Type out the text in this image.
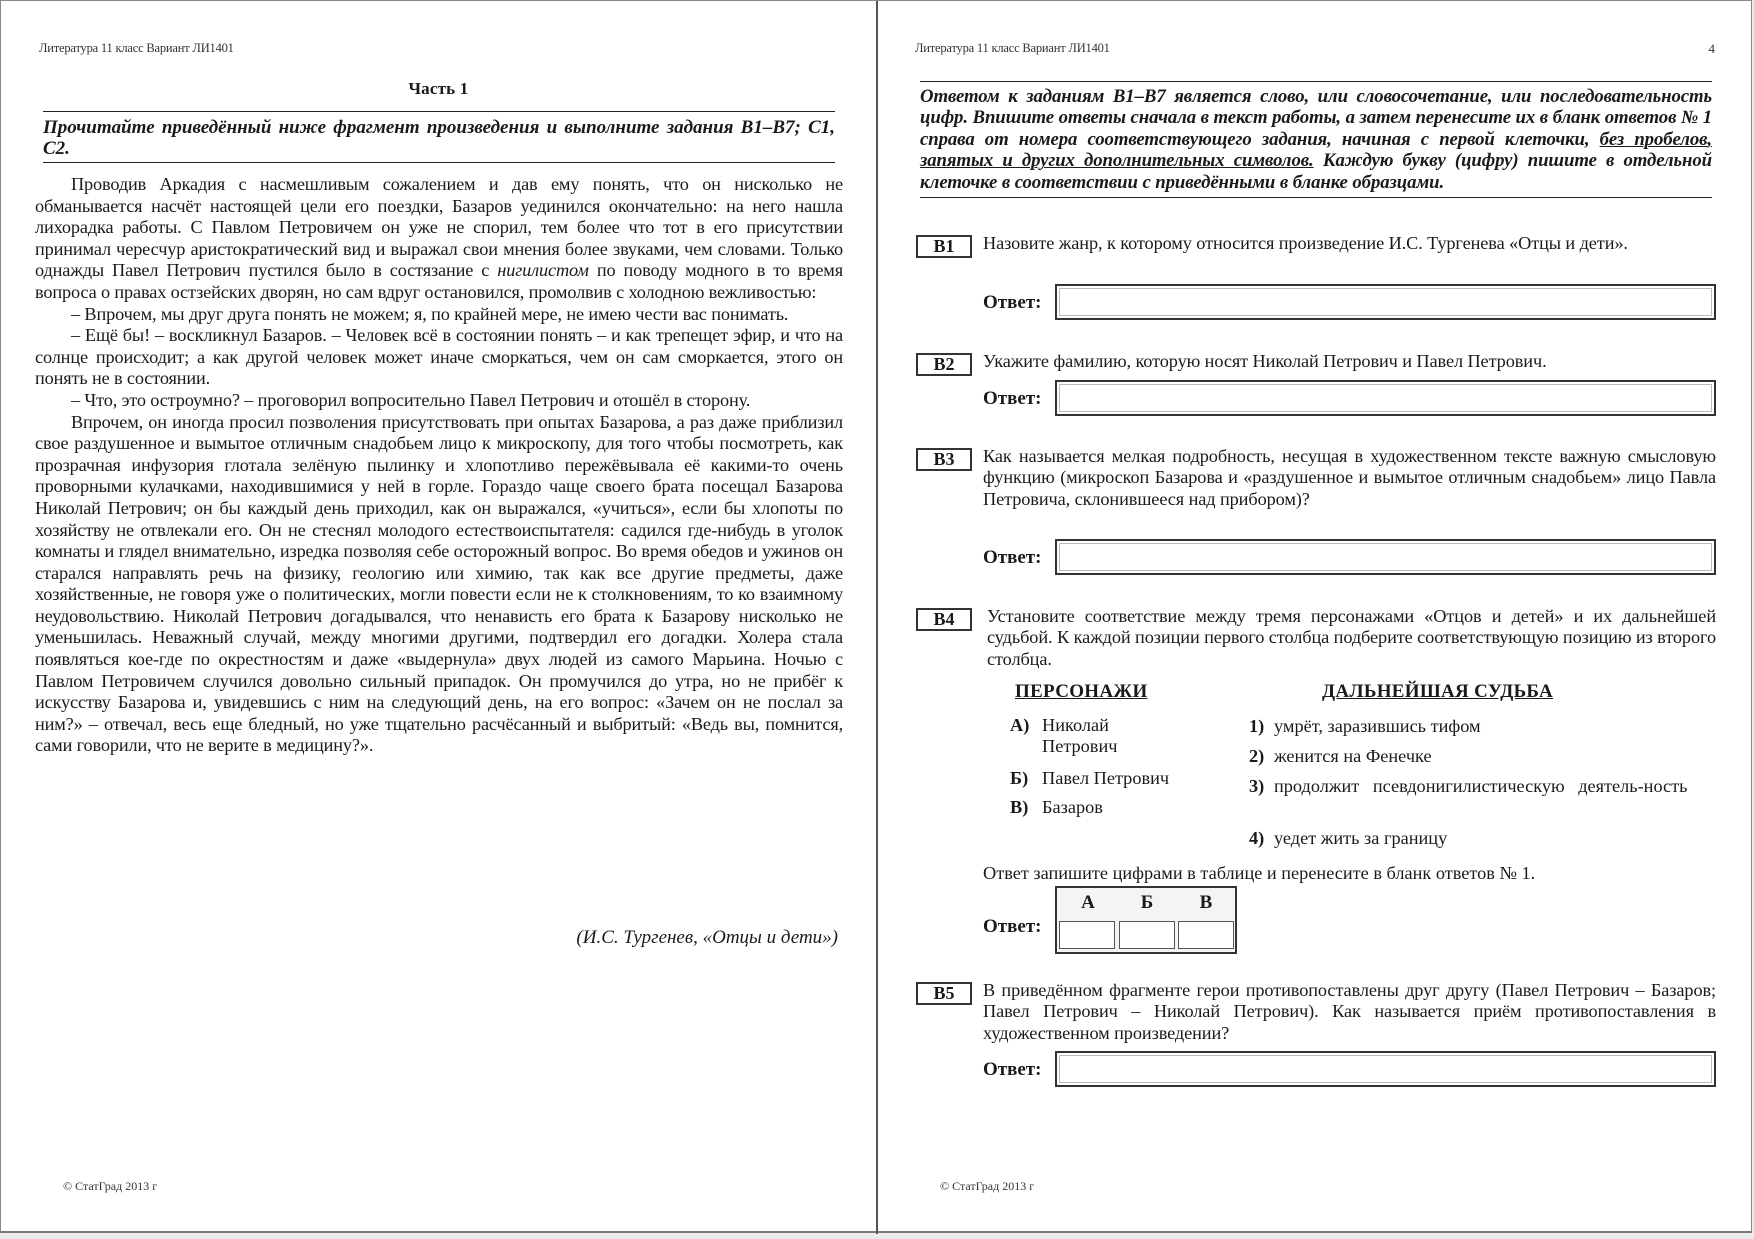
Литература 11 класс Вариант ЛИ1401
Часть 1
Прочитайте приведённый ниже фрагмент произведения и выполните задания B1–B7; C1, C2.

Проводив Аркадия с насмешливым сожалением и дав ему понять, что он нисколько не обманывается насчёт настоящей цели его поездки, Базаров уединился окончательно: на него нашла лихорадка работы. С Павлом Петровичем он уже не спорил, тем более что тот в его присутствии принимал чересчур аристократический вид и выражал свои мнения более звуками, чем словами. Только однажды Павел Петрович пустился было в состязание с нигилистом по поводу модного в то время вопроса о правах остзейских дворян, но сам вдруг остановился, промолвив с холодною вежливостью:

– Впрочем, мы друг друга понять не можем; я, по крайней мере, не имею чести вас понимать.

– Ещё бы! – воскликнул Базаров. – Человек всё в состоянии понять – и как трепещет эфир, и что на солнце происходит; а как другой человек может иначе сморкаться, чем он сам сморкается, этого он понять не в состоянии.

– Что, это остроумно? – проговорил вопросительно Павел Петрович и отошёл в сторону.

Впрочем, он иногда просил позволения присутствовать при опытах Базарова, а раз даже приблизил свое раздушенное и вымытое отличным снадобьем лицо к микроскопу, для того чтобы посмотреть, как прозрачная инфузория глотала зелёную пылинку и хлопотливо пережёвывала её какими-то очень проворными кулачками, находившимися у ней в горле. Гораздо чаще своего брата посещал Базарова Николай Петрович; он бы каждый день приходил, как он выражался, «учиться», если бы хлопоты по хозяйству не отвлекали его. Он не стеснял молодого естествоиспытателя: садился где-нибудь в уголок комнаты и глядел внимательно, изредка позволяя себе осторожный вопрос. Во время обедов и ужинов он старался направлять речь на физику, геологию или химию, так как все другие предметы, даже хозяйственные, не говоря уже о политических, могли повести если не к столкновениям, то ко взаимному неудовольствию. Николай Петрович догадывался, что ненависть его брата к Базарову нисколько не уменьшилась. Неважный случай, между многими другими, подтвердил его догадки. Холера стала появляться кое-где по окрестностям и даже «выдернула» двух людей из самого Марьина. Ночью с Павлом Петровичем случился довольно сильный припадок. Он промучился до утра, но не прибёг к искусству Базарова и, увидевшись с ним на следующий день, на его вопрос: «Зачем он не послал за ним?» – отвечал, весь еще бледный, но уже тщательно расчёсанный и выбритый: «Ведь вы, помнится, сами говорили, что не верите в медицину?».

(И.С. Тургенев, «Отцы и дети»)
© СтатГрад 2013 г
Литература 11 класс Вариант ЛИ1401	4
Ответом к заданиям B1–B7 является слово, или словосочетание, или последовательность цифр. Впишите ответы сначала в текст работы, а затем перенесите их в бланк ответов № 1 справа от номера соответствующего задания, начиная с первой клеточки, без пробелов, запятых и других дополнительных символов. Каждую букву (цифру) пишите в отдельной клеточке в соответствии с приведёнными в бланке образцами.
B1	Назовите жанр, к которому относится произведение И.С. Тургенева «Отцы и дети».
Ответ:
B2	Укажите фамилию, которую носят Николай Петрович и Павел Петрович.
Ответ:
B3	Как называется мелкая подробность, несущая в художественном тексте важную смысловую функцию (микроскоп Базарова и «раздушенное и вымытое отличным снадобьем» лицо Павла Петровича, склонившееся над прибором)?
Ответ:
B4	Установите соответствие между тремя персонажами «Отцов и детей» и их дальнейшей судьбой. К каждой позиции первого столбца подберите соответствующую позицию из второго столбца.
ПЕРСОНАЖИ	ДАЛЬНЕЙШАЯ СУДЬБА
А) Николай Петрович
Б) Павел Петрович
В) Базаров
1) умрёт, заразившись тифом
2) женится на Фенечке
3) продолжит псевдонигилистическую деятель-ность
4) уедет жить за границу
Ответ запишите цифрами в таблице и перенесите в бланк ответов № 1.
Ответ:
А	Б	В
B5	В приведённом фрагменте герои противопоставлены друг другу (Павел Петрович – Базаров; Павел Петрович – Николай Петрович). Как называется приём противопоставления в художественном произведении?
Ответ:
© СтатГрад 2013 г
